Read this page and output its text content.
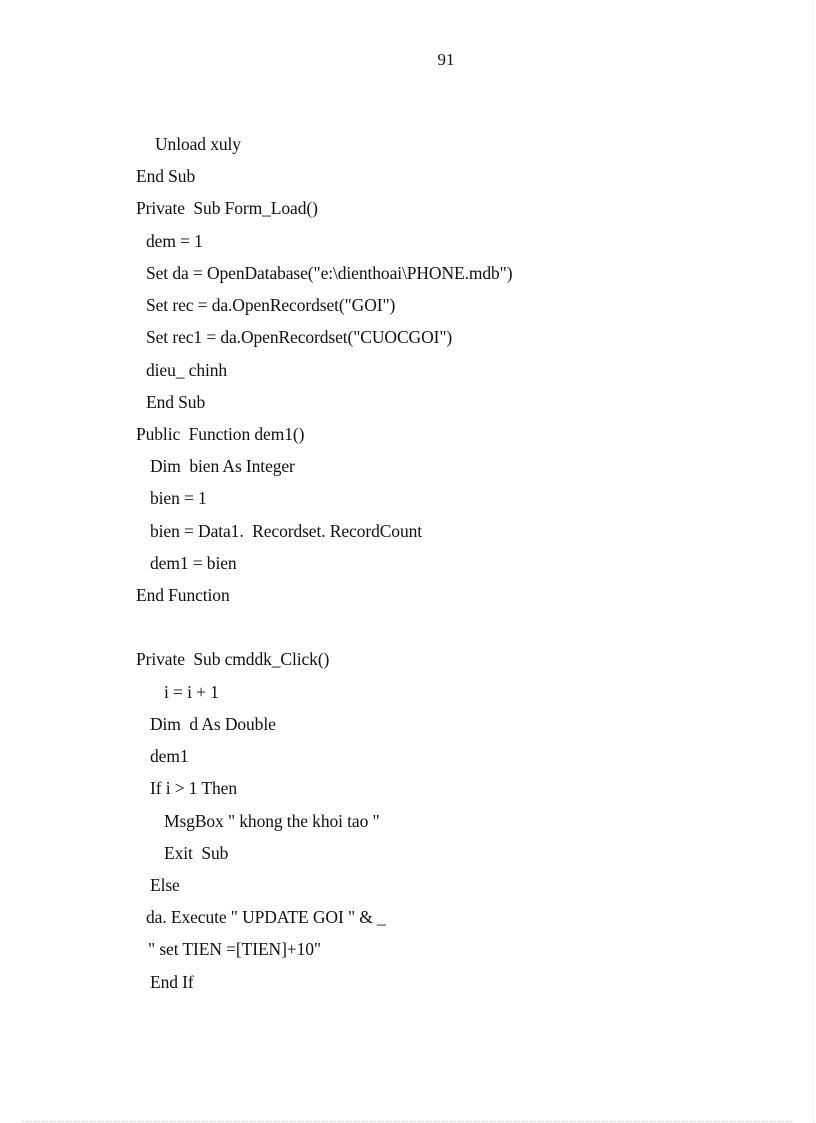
91
Unload xuly
End Sub
Private  Sub Form_Load()
dem = 1
Set da = OpenDatabase("e:\dienthoai\PHONE.mdb")
Set rec = da.OpenRecordset("GOI")
Set rec1 = da.OpenRecordset("CUOCGOI")
dieu_ chinh
End Sub
Public  Function dem1()
Dim  bien As Integer
bien = 1
bien = Data1.  Recordset. RecordCount
dem1 = bien
End Function
Private  Sub cmddk_Click()
i = i + 1
Dim  d As Double
dem1
If i > 1 Then
MsgBox " khong the khoi tao "
Exit  Sub
Else
da. Execute " UPDATE GOI " & _
" set TIEN =[TIEN]+10"
End If
